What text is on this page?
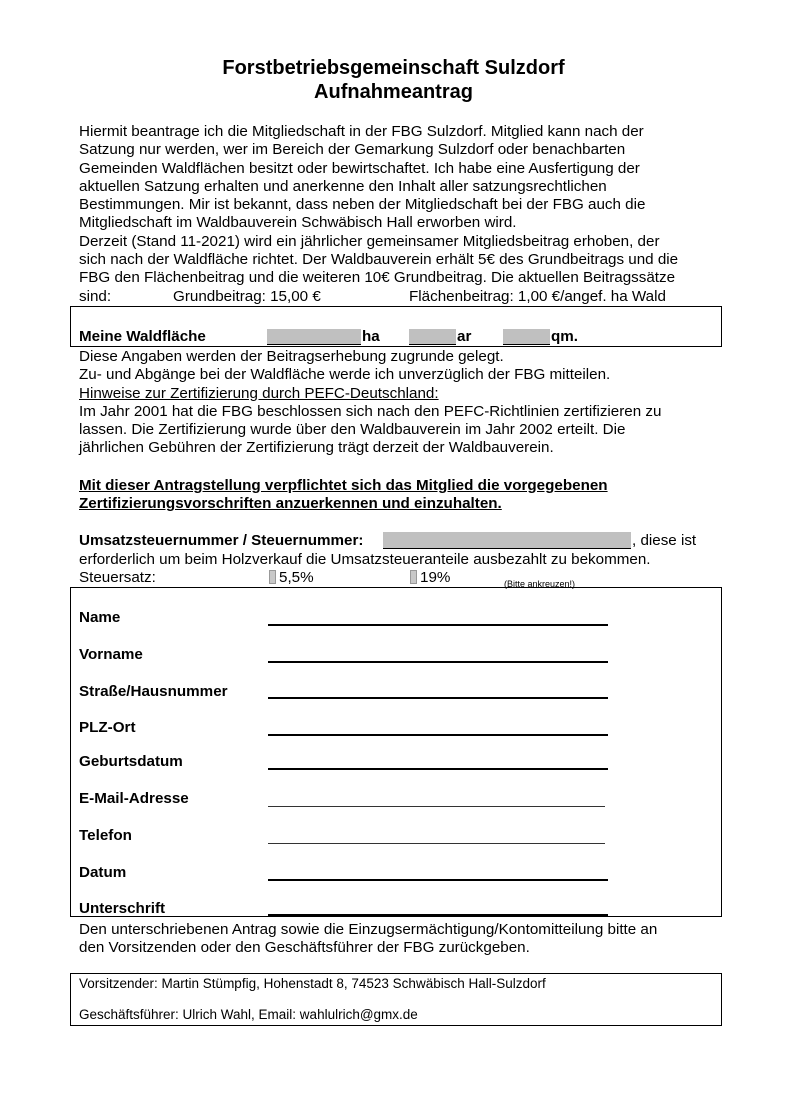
Forstbetriebsgemeinschaft Sulzdorf
Aufnahmeantrag
Hiermit beantrage ich die Mitgliedschaft in der FBG Sulzdorf. Mitglied kann nach der
Satzung nur werden, wer im Bereich der Gemarkung Sulzdorf oder benachbarten
Gemeinden Waldflächen besitzt oder bewirtschaftet. Ich habe eine Ausfertigung der
aktuellen Satzung erhalten und anerkenne den Inhalt aller satzungsrechtlichen
Bestimmungen. Mir ist bekannt, dass neben der Mitgliedschaft bei der FBG auch die
Mitgliedschaft im Waldbauverein Schwäbisch Hall erworben wird.
Derzeit (Stand 11-2021) wird ein jährlicher gemeinsamer Mitgliedsbeitrag erhoben, der
sich nach der Waldfläche richtet. Der Waldbauverein erhält 5€ des Grundbeitrags und die
FBG den Flächenbeitrag und die weiteren 10€ Grundbeitrag. Die aktuellen Beitragssätze
sind:	Grundbeitrag: 15,00 €	Flächenbeitrag: 1,00 €/angef. ha Wald
Meine Waldfläche	ha	ar	qm.
Diese Angaben werden der Beitragserhebung zugrunde gelegt.
Zu- und Abgänge bei der Waldfläche werde ich unverzüglich der FBG mitteilen.
Hinweise zur Zertifizierung durch PEFC-Deutschland:
Im Jahr 2001 hat die FBG beschlossen sich nach den PEFC-Richtlinien zertifizieren zu
lassen. Die Zertifizierung wurde über den Waldbauverein im Jahr 2002 erteilt. Die
jährlichen Gebühren der Zertifizierung trägt derzeit der Waldbauverein.
Mit dieser Antragstellung verpflichtet sich das Mitglied die vorgegebenen
Zertifizierungsvorschriften anzuerkennen und einzuhalten.
Umsatzsteuernummer / Steuernummer:	, diese ist
erforderlich um beim Holzverkauf die Umsatzsteueranteile ausbezahlt zu bekommen.
Steuersatz:	5,5%	19%	(Bitte ankreuzen!)
Name
Vorname
Straße/Hausnummer
PLZ-Ort
Geburtsdatum
E-Mail-Adresse
Telefon
Datum
Unterschrift
Den unterschriebenen Antrag sowie die Einzugsermächtigung/Kontomitteilung bitte an
den Vorsitzenden oder den Geschäftsführer der FBG zurückgeben.
Vorsitzender: Martin Stümpfig, Hohenstadt 8, 74523 Schwäbisch Hall-Sulzdorf
Geschäftsführer: Ulrich Wahl, Email: wahlulrich@gmx.de
